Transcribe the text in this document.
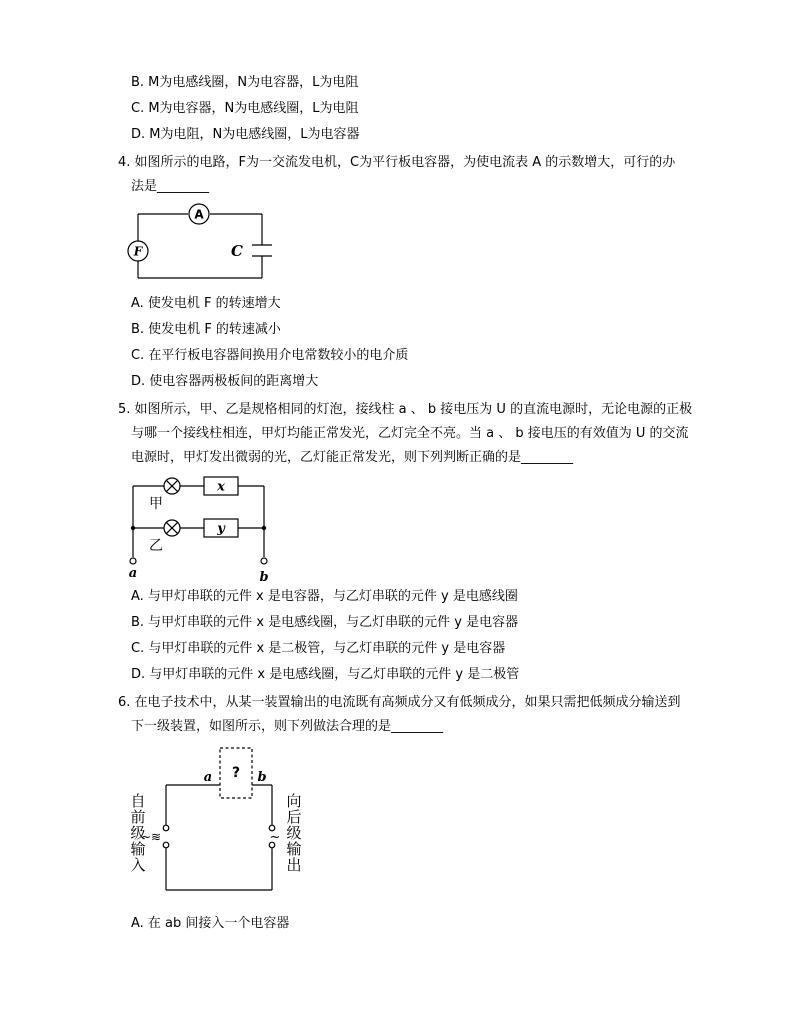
B. M为电感线圈，N为电容器，L为电阻
C. M为电容器，N为电感线圈，L为电阻
D. M为电阻，N为电感线圈，L为电容器
4. 如图所示的电路，F为一交流发电机，C为平行板电容器，为使电流表 A 的示数增大，可行的办
法是________
A
F	C
A. 使发电机 F 的转速增大
B. 使发电机 F 的转速减小
C. 在平行板电容器间换用介电常数较小的电介质
D. 使电容器两极板间的距离增大
5. 如图所示，甲、乙是规格相同的灯泡，接线柱 a 、 b 接电压为 U 的直流电源时，无论电源的正极
与哪一个接线柱相连，甲灯均能正常发光，乙灯完全不亮。当 a 、 b 接电压的有效值为 U 的交流
电源时，甲灯发出微弱的光，乙灯能正常发光，则下列判断正确的是________
甲
乙
x
y
a	b
A. 与甲灯串联的元件 x 是电容器，与乙灯串联的元件 y 是电感线圈
B. 与甲灯串联的元件 x 是电感线圈，与乙灯串联的元件 y 是电容器
C. 与甲灯串联的元件 x 是二极管，与乙灯串联的元件 y 是电容器
D. 与甲灯串联的元件 x 是电感线圈，与乙灯串联的元件 y 是二极管
6. 在电子技术中，从某一装置输出的电流既有高频成分又有低频成分，如果只需把低频成分输送到
下一级装置，如图所示，则下列做法合理的是________
a	b
?
~≋	~
自
前
级
输
入
向
后
级
输
出
A. 在 ab 间接入一个电容器
